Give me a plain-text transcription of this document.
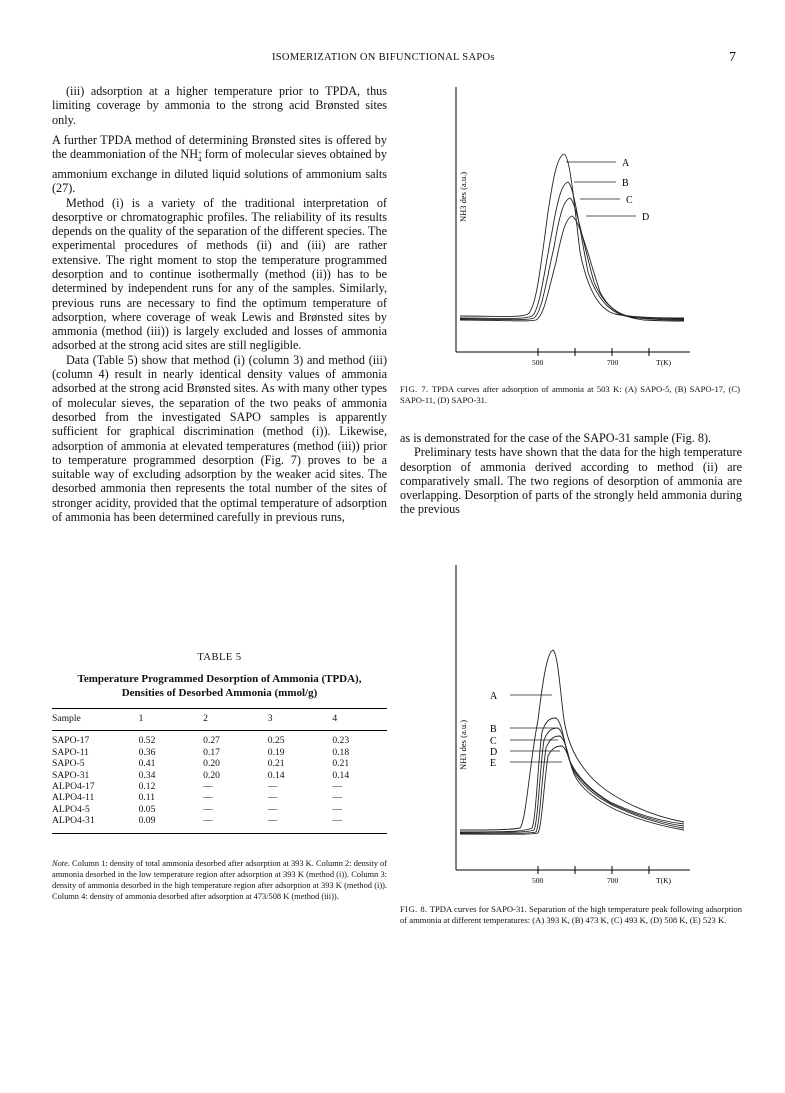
ISOMERIZATION ON BIFUNCTIONAL SAPOs	7

(iii) adsorption at a higher temperature prior to TPDA, thus limiting coverage by ammonia to the strong acid Brønsted sites only.

A further TPDA method of determining Brønsted sites is offered by the deammoniation of the NH +
$_4$ form of molecular sieves obtained by ammonium exchange in diluted liquid solutions of ammonium salts (27).

Method (i) is a variety of the traditional interpretation of desorptive or chromatographic profiles. The reliability of its results depends on the quality of the separation of the different species. The experimental procedures of methods (ii) and (iii) are rather extensive. The right moment to stop the temperature programmed desorption and to continue isothermally (method (ii)) has to be determined by independent runs for any of the samples. Similarly, previous runs are necessary to find the optimum temperature of adsorption, where coverage of weak Lewis and Brønsted sites by ammonia (method (iii)) is largely excluded and losses of ammonia adsorbed at the strong acid sites are still negligible.

Data (Table 5) show that method (i) (column 3) and method (iii) (column 4) result in nearly identical density values of ammonia adsorbed at the strong acid Brønsted sites. As with many other types of molecular sieves, the separation of the two peaks of ammonia desorbed from the investigated SAPO samples is apparently sufficient for graphical discrimination (method (i)). Likewise, adsorption of ammonia at elevated temperatures (method (iii)) prior to temperature programmed desorption (Fig. 7) proves to be a suitable way of excluding adsorption by the weaker acid sites. The desorbed ammonia then represents the total number of the sites of stronger acidity, provided that the optimal temperature of adsorption of ammonia has been determined carefully in previous runs,

NH3 des (a.u.)
500	700	T(K)
A
B
C
D
FIG. 7. TPDA curves after adsorption of ammonia at 503 K: (A) SAPO-5, (B) SAPO-17, (C) SAPO-11, (D) SAPO-31.

as is demonstrated for the case of the SAPO-31 sample (Fig. 8).

Preliminary tests have shown that the data for the high temperature desorption of ammonia derived according to method (ii) are comparatively small. The two regions of desorption of ammonia are overlapping. Desorption of parts of the strongly held ammonia during the previous

TABLE 5
Temperature Programmed Desorption of Ammonia (TPDA),
Densities of Desorbed Ammonia (mmol/g)
Sample	1	2	3	4
SAPO-17	0.52	0.27	0.25	0.23
SAPO-11	0.36	0.17	0.19	0.18
SAPO-5	0.41	0.20	0.21	0.21
SAPO-31	0.34	0.20	0.14	0.14
ALPO4-17	0.12	—	—	—
ALPO4-11	0.11	—	—	—
ALPO4-5	0.05	—	—	—
ALPO4-31	0.09	—	—	—
Note. Column 1: density of total ammonia desorbed after adsorption at 393 K. Column 2: density of ammonia desorbed in the low temperature region after adsorption at 393 K (method (i)). Column 3: density of ammonia desorbed in the high temperature region after adsorption at 393 K (method (i)). Column 4: density of ammonia desorbed after adsorption at 473/508 K (method (iii)).
NH3 des (a.u.)
500	700	T(K)
A
B
C
D
E
FIG. 8. TPDA curves for SAPO-31. Separation of the high temperature peak following adsorption of ammonia at different temperatures: (A) 393 K, (B) 473 K, (C) 493 K, (D) 508 K, (E) 523 K.
